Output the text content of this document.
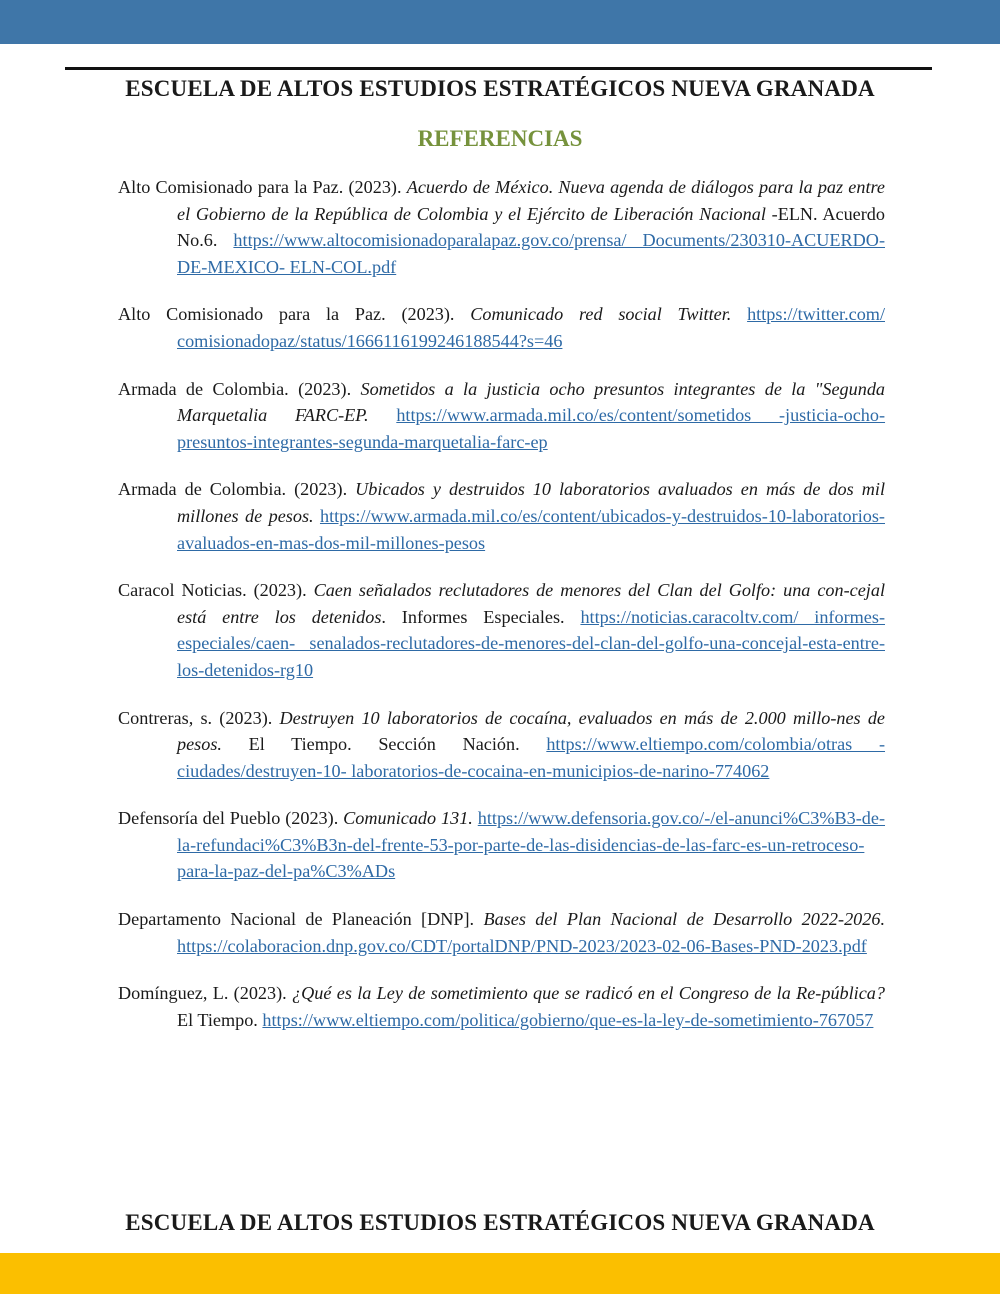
ESCUELA DE ALTOS ESTUDIOS ESTRATÉGICOS NUEVA GRANADA
REFERENCIAS

Alto Comisionado para la Paz. (2023). Acuerdo de México. Nueva agenda de diálogos para la paz entre el Gobierno de la República de Colombia y el Ejército de Liberación Nacional -ELN. Acuerdo No.6. https://www.altocomisionadoparalapaz.gov.co/prensa/ Documents/230310-ACUERDO-DE-MEXICO- ELN-COL.pdf

Alto Comisionado para la Paz. (2023). Comunicado red social Twitter. https://twitter.com/ comisionadopaz/status/1666116199246188544?s=46

Armada de Colombia. (2023). Sometidos a la justicia ocho presuntos integrantes de la "Segunda Marquetalia FARC-EP. https://www.armada.mil.co/es/content/sometidos -justicia-ocho-presuntos-integrantes-segunda-marquetalia-farc-ep

Armada de Colombia. (2023). Ubicados y destruidos 10 laboratorios avaluados en más de dos mil millones de pesos. https://www.armada.mil.co/es/content/ubicados-y-destruidos-10-laboratorios-avaluados-en-mas-dos-mil-millones-pesos

Caracol Noticias. (2023). Caen señalados reclutadores de menores del Clan del Golfo: una con-cejal está entre los detenidos. Informes Especiales. https://noticias.caracoltv.com/ informes-especiales/caen- senalados-reclutadores-de-menores-del-clan-del-golfo-una-concejal-esta-entre-los-detenidos-rg10

Contreras, s. (2023). Destruyen 10 laboratorios de cocaína, evaluados en más de 2.000 millo-nes de pesos. El Tiempo. Sección Nación. https://www.eltiempo.com/colombia/otras -ciudades/destruyen-10- laboratorios-de-cocaina-en-municipios-de-narino-774062

Defensoría del Pueblo (2023). Comunicado 131. https://www.defensoria.gov.co/-/el-anunci%C3%B3-de-la-refundaci%C3%B3n-del-frente-53-por-parte-de-las-disidencias-de-las-farc-es-un-retroceso-para-la-paz-del-pa%C3%ADs

Departamento Nacional de Planeación [DNP]. Bases del Plan Nacional de Desarrollo 2022-2026. https://colaboracion.dnp.gov.co/CDT/portalDNP/PND-2023/2023-02-06-Bases-PND-2023.pdf

Domínguez, L. (2023). ¿Qué es la Ley de sometimiento que se radicó en el Congreso de la Re-pública? El Tiempo. https://www.eltiempo.com/politica/gobierno/que-es-la-ley-de-sometimiento-767057

ESCUELA DE ALTOS ESTUDIOS ESTRATÉGICOS NUEVA GRANADA
